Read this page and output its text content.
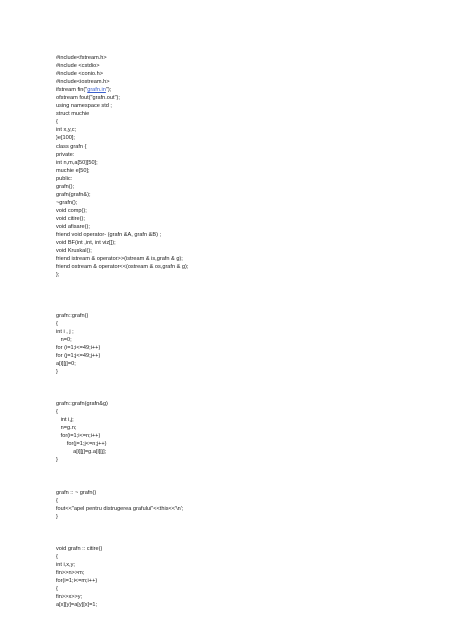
#include<fstream.h>
#include <cstdio>
#include <conio.h>
#include<iostream.h>
ifstream fin("grafn.in");
ofstream fout("grafn.out");
using namespace std ;
struct muchie
{
int x,y,c;
}e[100];
class grafn {
private:
int n,m,a[50][50];
muchie e[50];
public:
grafn();
grafn(grafn&);
~grafn();
void comp();
void citire();
void afisare();
friend void operator- (grafn &A, grafn &B) ;
void BF(int ,int, int viz[]);
void Kruskal();
friend istream & operator>>(istream & is,grafn & g);
friend ostream & operator<<(ostream & os,grafn & g);
};
grafn::grafn()
{
int i , j ;
n=0;
for (i=1;i<=49;i++)
for (j=1;j<=49;j++)
a[i][j]=0;
}
grafn::grafn(grafn&g)
{
int i,j;
n=g.n;
for(i=1;i<=n;i++)
for(j=1;j<=n;j++)
a[i][j]=g.a[i][j];
}
grafn :: ~ grafn()
{
fout<<"apel pentru distrugerea grafului"<<this<<'\n';
}
void grafn :: citire()
{
int i,x,y;
fin>>n>>m;
for(i=1;i<=m;i++)
{
fin>>x>>y;
a[x][y]=a[y][x]=1;
